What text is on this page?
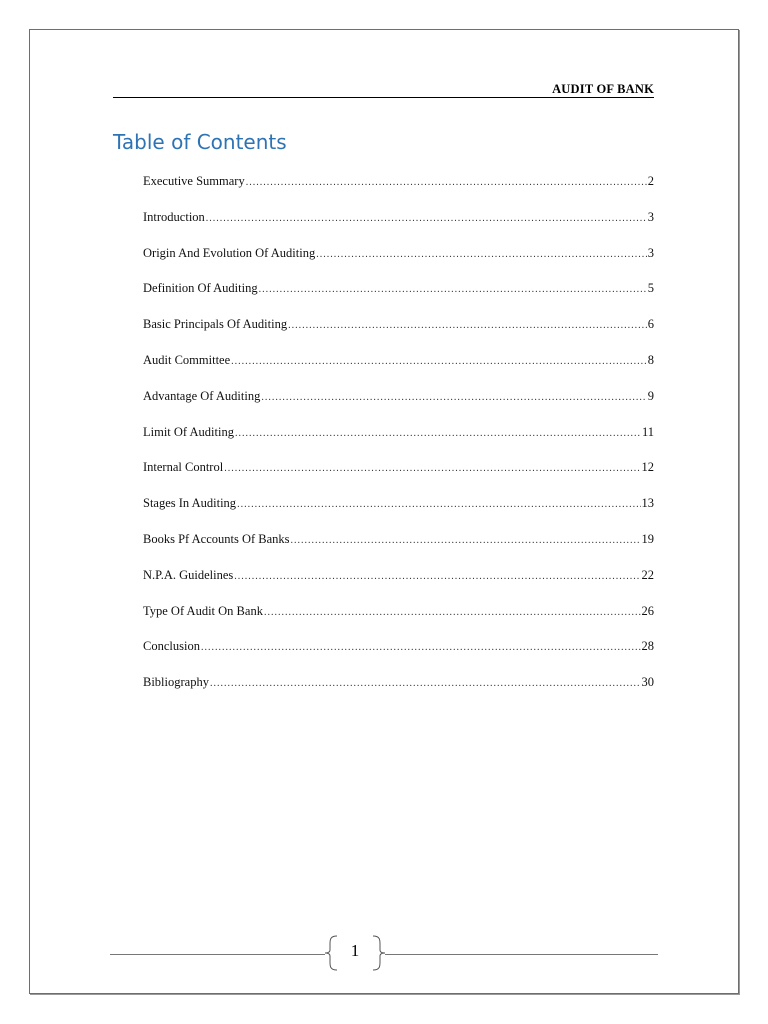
AUDIT OF BANK
Table of Contents
Executive Summary .....	2
Introduction .....	3
Origin And Evolution Of Auditing .....	3
Definition Of Auditing .....	5
Basic Principals Of Auditing .....	6
Audit Committee .....	8
Advantage Of Auditing .....	9
Limit Of Auditing .....	11
Internal Control .....	12
Stages In Auditing .....	13
Books Pf Accounts Of Banks .....	19
N.P.A. Guidelines .....	22
Type Of Audit On Bank .....	26
Conclusion .....	28
Bibliography .....	30
1
